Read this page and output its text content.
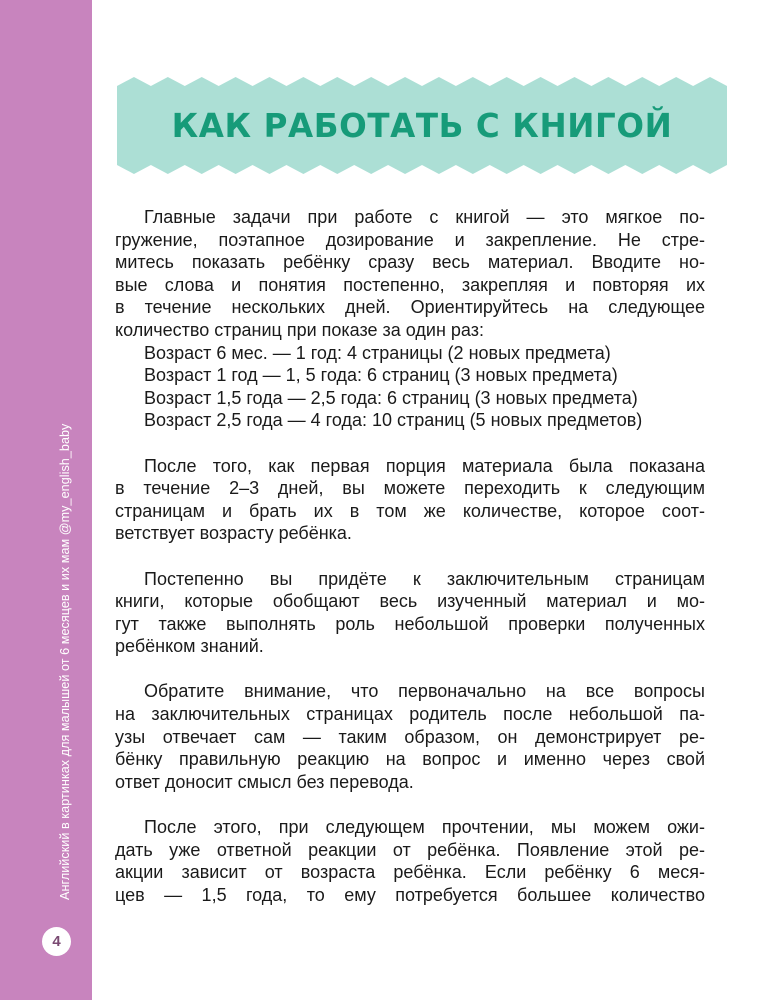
Английский в картинках для малышей от 6 месяцев и их мам @my_english_baby
4
КАК РАБОТАТЬ С КНИГОЙ
Главные задачи при работе с книгой — это мягкое по-
гружение, поэтапное дозирование и закрепление. Не стре-
митесь показать ребёнку сразу весь материал. Вводите но-
вые слова и понятия постепенно, закрепляя и повторяя их
в течение нескольких дней. Ориентируйтесь на следующее
количество страниц при показе за один раз:
Возраст 6 мес. — 1 год: 4 страницы (2 новых предмета)
Возраст 1 год — 1, 5 года: 6 страниц (3 новых предмета)
Возраст 1,5 года — 2,5 года: 6 страниц (3 новых предмета)
Возраст 2,5 года — 4 года: 10 страниц (5 новых предметов)
После того, как первая порция материала была показана
в течение 2–3 дней, вы можете переходить к следующим
страницам и брать их в том же количестве, которое соот-
ветствует возрасту ребёнка.
Постепенно вы придёте к заключительным страницам
книги, которые обобщают весь изученный материал и мо-
гут также выполнять роль небольшой проверки полученных
ребёнком знаний.
Обратите внимание, что первоначально на все вопросы
на заключительных страницах родитель после небольшой па-
узы отвечает сам — таким образом, он демонстрирует ре-
бёнку правильную реакцию на вопрос и именно через свой
ответ доносит смысл без перевода.
После этого, при следующем прочтении, мы можем ожи-
дать уже ответной реакции от ребёнка. Появление этой ре-
акции зависит от возраста ребёнка. Если ребёнку 6 меся-
цев — 1,5 года, то ему потребуется большее количество
